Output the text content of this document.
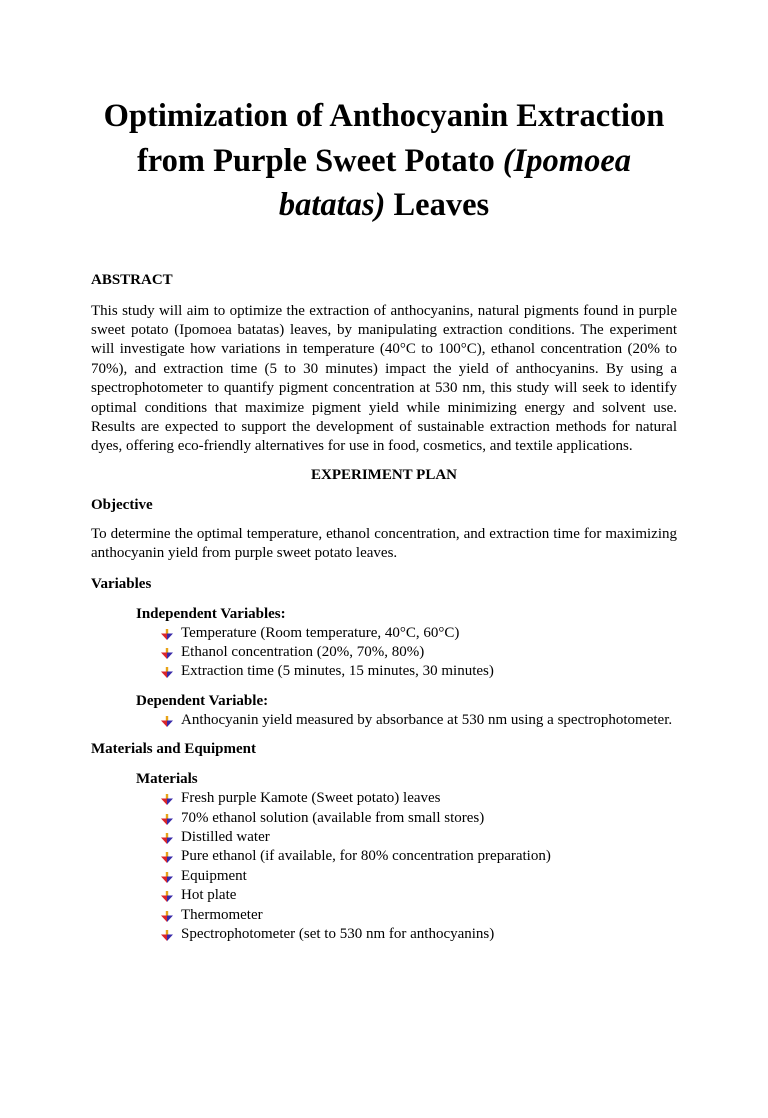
Optimization of Anthocyanin Extraction from Purple Sweet Potato (Ipomoea batatas) Leaves
ABSTRACT
This study will aim to optimize the extraction of anthocyanins, natural pigments found in purple sweet potato (Ipomoea batatas) leaves, by manipulating extraction conditions. The experiment will investigate how variations in temperature (40°C to 100°C), ethanol concentration (20% to 70%), and extraction time (5 to 30 minutes) impact the yield of anthocyanins. By using a spectrophotometer to quantify pigment concentration at 530 nm, this study will seek to identify optimal conditions that maximize pigment yield while minimizing energy and solvent use. Results are expected to support the development of sustainable extraction methods for natural dyes, offering eco-friendly alternatives for use in food, cosmetics, and textile applications.
EXPERIMENT PLAN
Objective
To determine the optimal temperature, ethanol concentration, and extraction time for maximizing anthocyanin yield from purple sweet potato leaves.
Variables
Independent Variables:
Temperature (Room temperature, 40°C, 60°C)
Ethanol concentration (20%, 70%, 80%)
Extraction time (5 minutes, 15 minutes, 30 minutes)
Dependent Variable:
Anthocyanin yield measured by absorbance at 530 nm using a spectrophotometer.
Materials and Equipment
Materials
Fresh purple Kamote (Sweet potato) leaves
70% ethanol solution (available from small stores)
Distilled water
Pure ethanol (if available, for 80% concentration preparation)
Equipment
Hot plate
Thermometer
Spectrophotometer (set to 530 nm for anthocyanins)
